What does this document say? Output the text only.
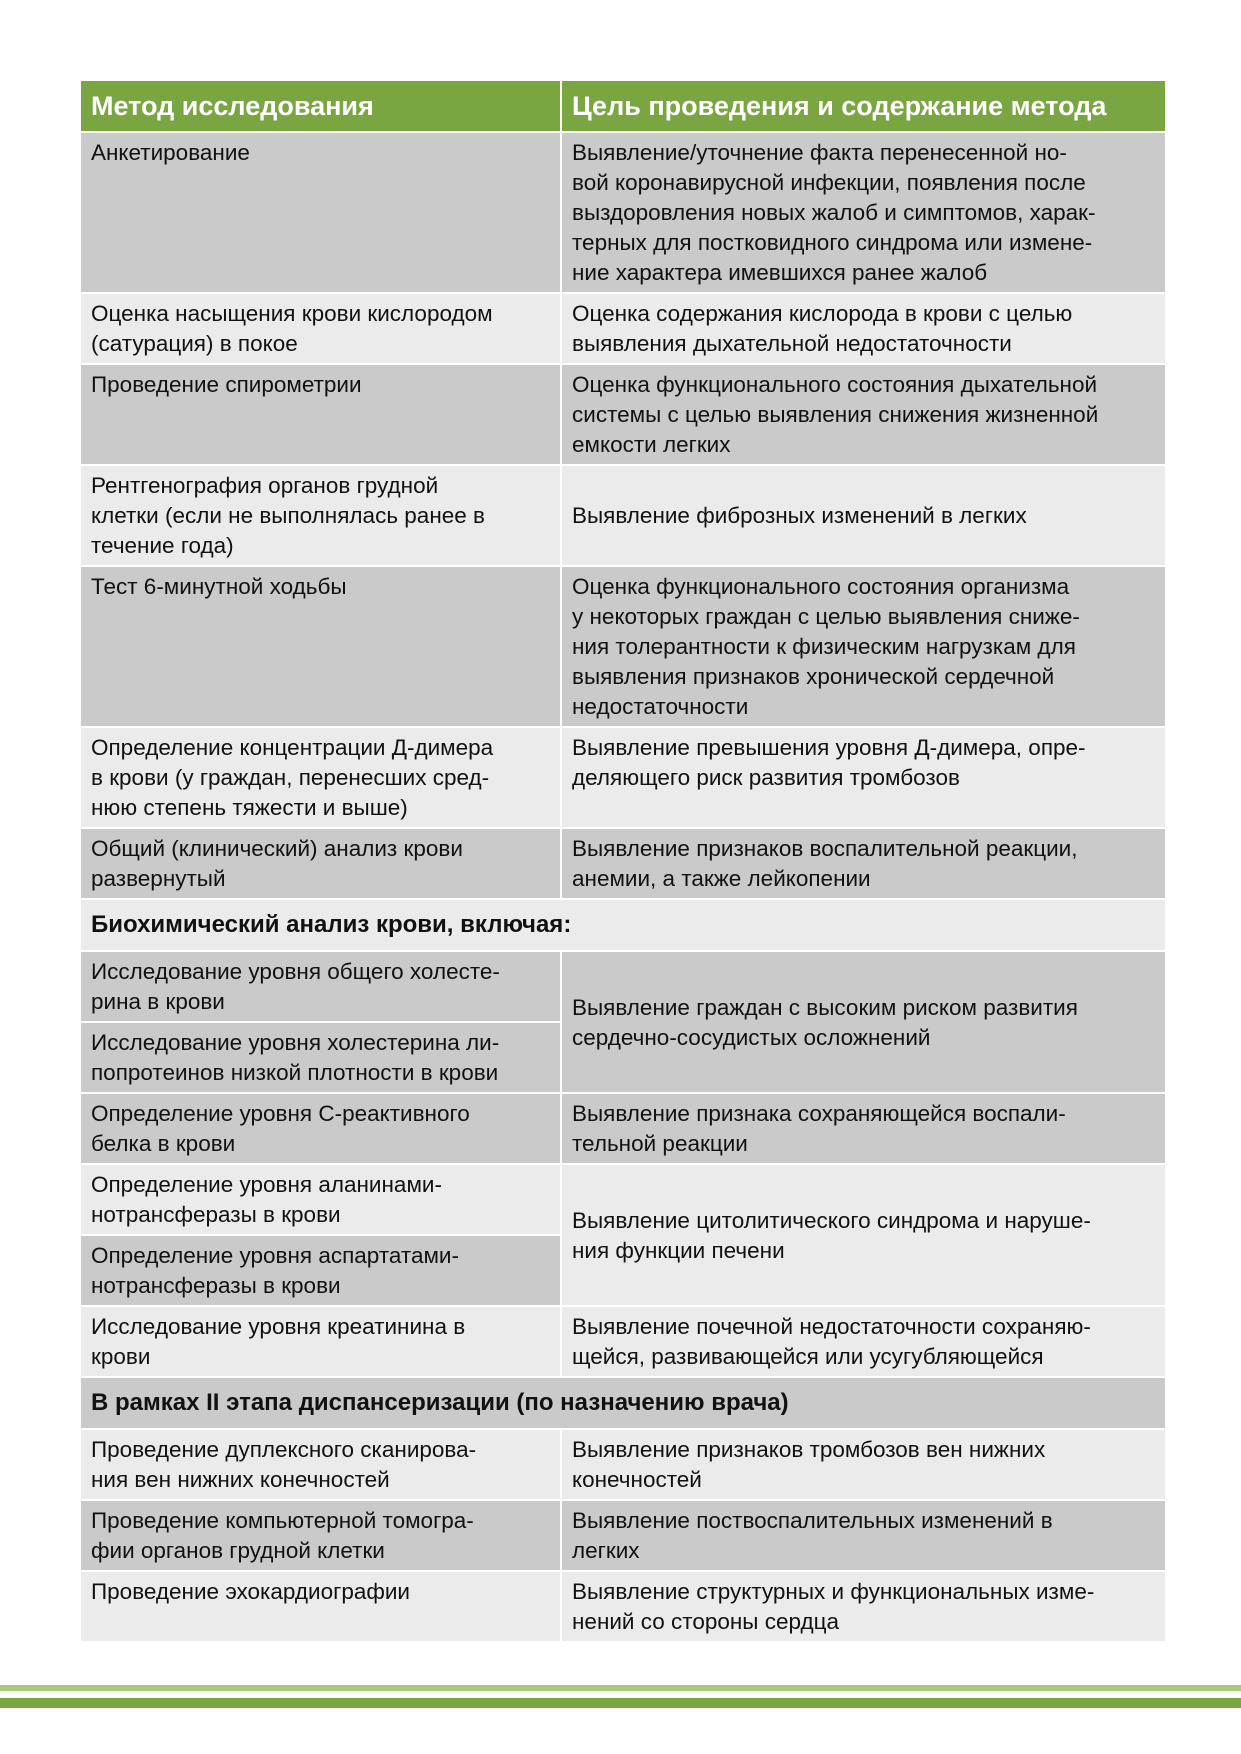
Метод исследования	Цель проведения и содержание метода
Анкетирование	Выявление/уточнение факта перенесенной но-
вой коронавирусной инфекции, появления после
выздоровления новых жалоб и симптомов, харак-
терных для постковидного синдрома или измене-
ние характера имевшихся ранее жалоб
Оценка насыщения крови кислородом
(сатурация) в покое	Оценка содержания кислорода в крови с целью
выявления дыхательной недостаточности
Проведение спирометрии	Оценка функционального состояния дыхательной
системы с целью выявления снижения жизненной
емкости легких
Рентгенография органов грудной
клетки (если не выполнялась ранее в
течение года)	Выявление фиброзных изменений в легких
Тест 6-минутной ходьбы	Оценка функционального состояния организма
у некоторых граждан с целью выявления сниже-
ния толерантности к физическим нагрузкам для
выявления признаков хронической сердечной
недостаточности
Определение концентрации Д-димера
в крови (у граждан, перенесших сред-
нюю степень тяжести и выше)	Выявление превышения уровня Д-димера, опре-
деляющего риск развития тромбозов
Общий (клинический) анализ крови
развернутый	Выявление признаков воспалительной реакции,
анемии, а также лейкопении
Биохимический анализ крови, включая:	
Исследование уровня общего холесте-
рина в крови	Выявление граждан с высоким риском развития
сердечно-сосудистых осложнений
Исследование уровня холестерина ли-
попротеинов низкой плотности в крови	
Определение уровня С-реактивного
белка в крови	Выявление признака сохраняющейся воспали-
тельной реакции
Определение уровня аланинами-
нотрансферазы в крови	Выявление цитолитического синдрома и наруше-
ния функции печени
Определение уровня аспартатами-
нотрансферазы в крови	
Исследование уровня креатинина в
крови	Выявление почечной недостаточности сохраняю-
щейся, развивающейся или усугубляющейся
В рамках II этапа диспансеризации (по назначению врача)	
Проведение дуплексного сканирова-
ния вен нижних конечностей	Выявление признаков тромбозов вен нижних
конечностей
Проведение компьютерной томогра-
фии органов грудной клетки	Выявление поствоспалительных изменений в
легких
Проведение эхокардиографии	Выявление структурных и функциональных изме-
нений со стороны сердца
